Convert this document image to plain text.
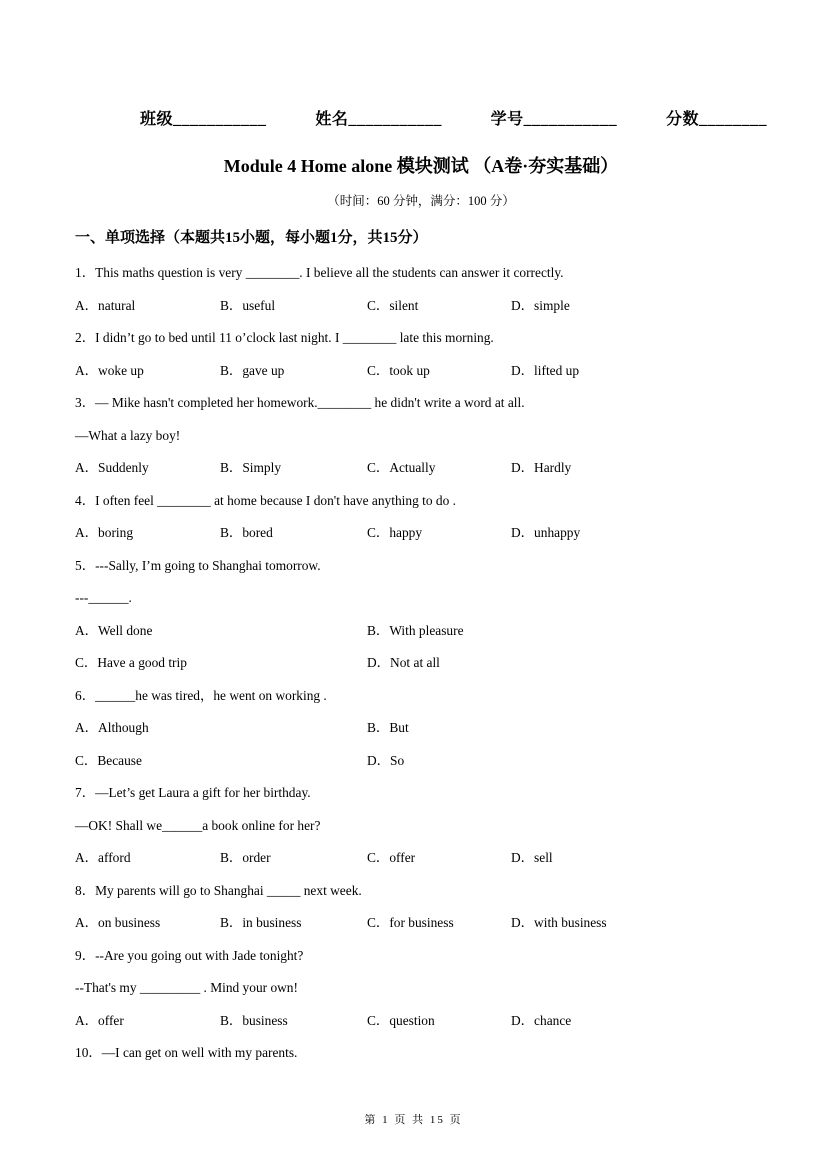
班级___________	姓名___________	学号___________	分数________
Module 4 Home alone 模块测试 （A卷·夯实基础）
（时间：60 分钟，满分：100 分）
一、单项选择（本题共15小题，每小题1分，共15分）
1．This maths question is very ________. I believe all the students can answer it correctly.
A．natural	B．useful	C．silent	D．simple
2．I didn’t go to bed until 11 o’clock last night. I ________ late this morning.
A．woke up	B．gave up	C．took up	D．lifted up
3．— Mike hasn't completed her homework.________ he didn't write a word at all.
—What a lazy boy!
A．Suddenly	B．Simply	C．Actually	D．Hardly
4．I often feel ________ at home because I don't have anything to do .
A．boring	B．bored	C．happy	D．unhappy
5．---Sally, I’m going to Shanghai tomorrow.
---______.
A．Well done	B．With pleasure
C．Have a good trip	D．Not at all
6．______he was tired，he went on working .
A．Although	B．But
C．Because	D．So
7．—Let’s get Laura a gift for her birthday.
—OK! Shall we______a book online for her?
A．afford	B．order	C．offer	D．sell
8．My parents will go to Shanghai _____ next week.
A．on business	B．in business	C．for business	D．with business
9．--Are you going out with Jade tonight?
--That's my _________ . Mind your own!
A．offer	B．business	C．question	D．chance
10．—I can get on well with my parents.
第 1 页 共 15 页
